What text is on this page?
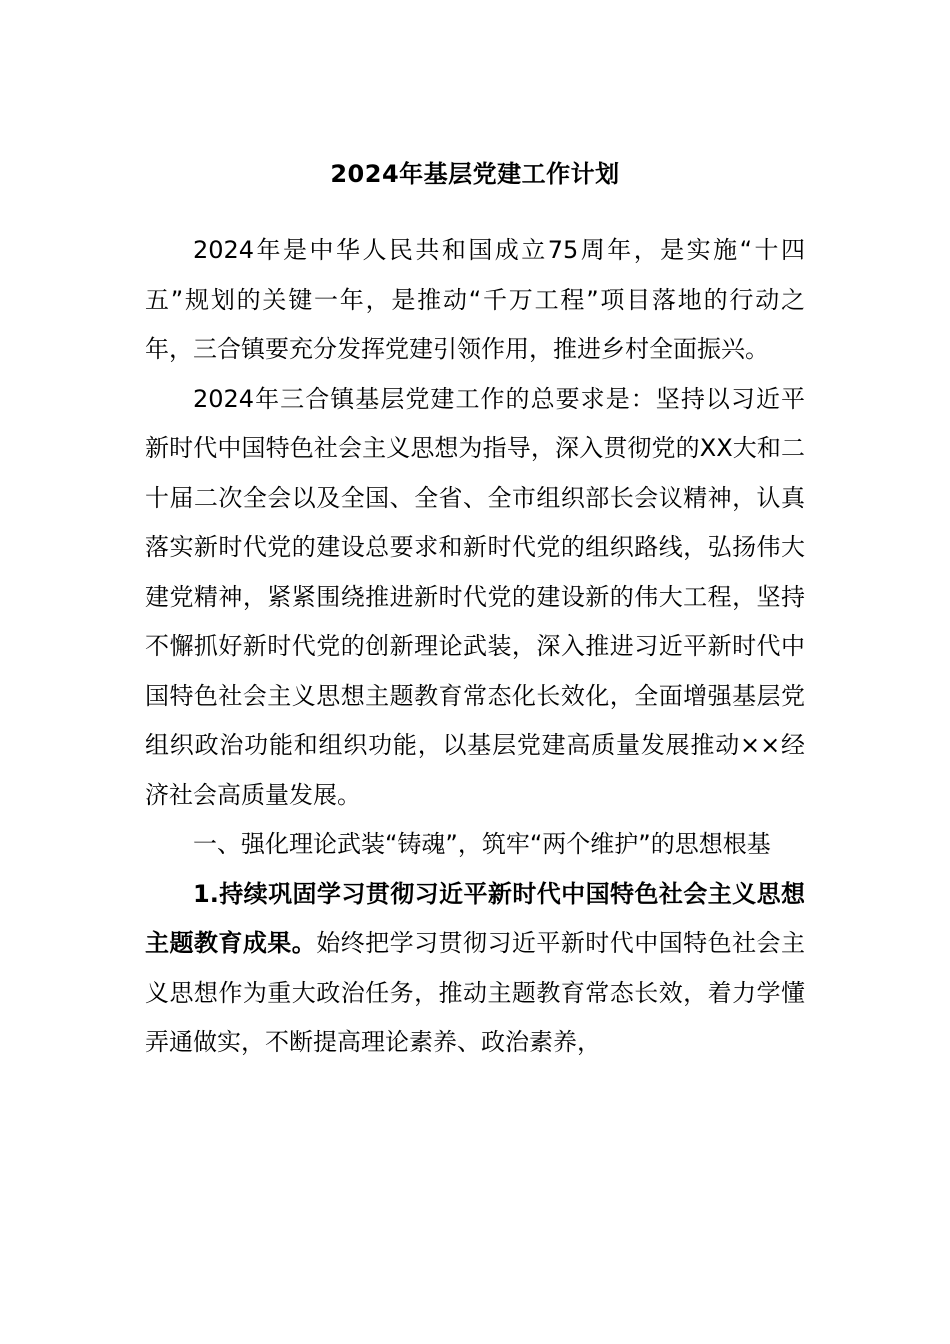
2024年基层党建工作计划

2024年是中华人民共和国成立75周年，是实施“十四五”规划的关键一年，是推动“千万工程”项目落地的行动之年，三合镇要充分发挥党建引领作用，推进乡村全面振兴。

2024年三合镇基层党建工作的总要求是：坚持以习近平新时代中国特色社会主义思想为指导，深入贯彻党的XX大和二十届二次全会以及全国、全省、全市组织部长会议精神，认真落实新时代党的建设总要求和新时代党的组织路线，弘扬伟大建党精神，紧紧围绕推进新时代党的建设新的伟大工程，坚持不懈抓好新时代党的创新理论武装，深入推进习近平新时代中国特色社会主义思想主题教育常态化长效化，全面增强基层党组织政治功能和组织功能，以基层党建高质量发展推动××经济社会高质量发展。

一、强化理论武装“铸魂”，筑牢“两个维护”的思想根基

1.持续巩固学习贯彻习近平新时代中国特色社会主义思想主题教育成果。始终把学习贯彻习近平新时代中国特色社会主义思想作为重大政治任务，推动主题教育常态长效，着力学懂弄通做实，不断提高理论素养、政治素养，
